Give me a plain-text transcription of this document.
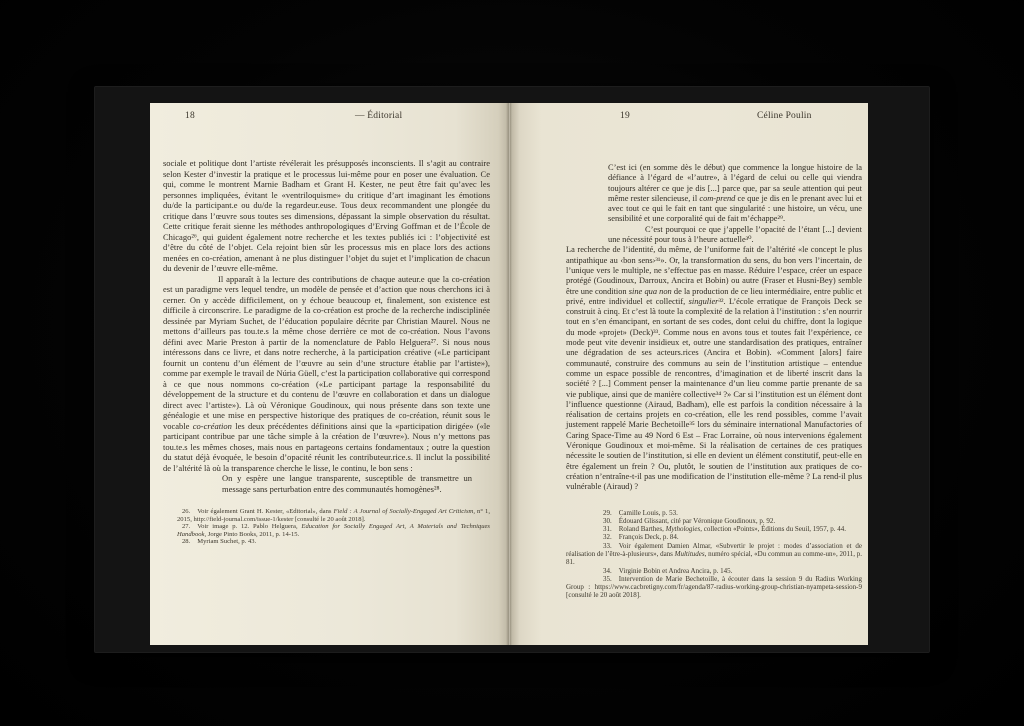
18	— Éditorial

sociale et politique dont l’artiste révélerait les présupposés inconscients. Il s’agit au contraire selon Kester d’investir la pratique et le processus lui-même pour en poser une évaluation. Ce qui, comme le montrent Marnie Badham et Grant H. Kester, ne peut être fait qu’avec les personnes impliquées, évitant le «ventriloquisme» du critique d’art imaginant les émotions du/de la participant.e ou du/de la regardeur.euse. Tous deux recommandent une plongée du critique dans l’œuvre sous toutes ses dimensions, dépassant la simple observation du résultat. Cette critique ferait sienne les méthodes anthropologiques d’Erving Goffman et de l’École de Chicago²⁶, qui guident également notre recherche et les textes publiés ici : l’objectivité est d’être du côté de l’objet. Cela rejoint bien sûr les processus mis en place lors des actions menées en co-création, amenant à ne plus distinguer l’objet du sujet et l’implication de chacun du devenir de l’œuvre elle-même.

Il apparaît à la lecture des contributions de chaque auteur.e que la co-création est un paradigme vers lequel tendre, un modèle de pensée et d’action que nous cherchons ici à cerner. On y accède difficilement, on y échoue beaucoup et, finalement, son existence est difficile à circonscrire. Le paradigme de la co-création est proche de la recherche indisciplinée dessinée par Myriam Suchet, de l’éducation populaire décrite par Christian Maurel. Nous ne mettons d’ailleurs pas tou.te.s la même chose derrière ce mot de co-création. Nous l’avons défini avec Marie Preston à partir de la nomenclature de Pablo Helguera²⁷. Si nous nous intéressons dans ce livre, et dans notre recherche, à la participation créative («Le participant fournit un contenu d’un élément de l’œuvre au sein d’une structure établie par l’artiste»), comme par exemple le travail de Núria Güell, c’est la participation collaborative qui correspond à ce que nous nommons co-création («Le participant partage la responsabilité du développement de la structure et du contenu de l’œuvre en collaboration et dans un dialogue direct avec l’artiste»). Là où Véronique Goudinoux, qui nous présente dans son texte une généalogie et une mise en perspective historique des pratiques de co-création, réunit sous le vocable co-création les deux précédentes définitions ainsi que la «participation dirigée» («le participant contribue par une tâche simple à la création de l’œuvre»). Nous n’y mettons pas tou.te.s les mêmes choses, mais nous en partageons certains fondamentaux ; outre la question du statut déjà évoquée, le besoin d’opacité réunit les contributeur.rice.s. Il inclut la possibilité de l’altérité là où la transparence cherche le lisse, le continu, le bon sens :

On y espère une langue transparente, susceptible de transmettre un message sans perturbation entre des communautés homogènes²⁸.

26. Voir également Grant H. Kester, «Editorial», dans Field : A Journal of Socially-Engaged Art Criticism, n° 1, 2015, http://field-journal.com/issue-1/kester [consulté le 20 août 2018].

27. Voir image p. 12. Pablo Helguera, Education for Socially Engaged Art, A Materials and Techniques Handbook, Jorge Pinto Books, 2011, p. 14-15.

28. Myriam Suchet, p. 43.

19	Céline Poulin
C’est ici (en somme dès le début) que commence la longue histoire de la défiance à l’égard de «l’autre», à l’égard de celui ou celle qui viendra toujours altérer ce que je dis [...] parce que, par sa seule attention qui peut même rester silencieuse, il com-prend ce que je dis en le prenant avec lui et avec tout ce qui le fait en tant que singularité : une histoire, un vécu, une sensibilité et une corporalité qui de fait m’échappe²⁹.
C’est pourquoi ce que j’appelle l’opacité de l’étant [...] devient une nécessité pour tous à l’heure actuelle³⁰.

La recherche de l’identité, du même, de l’uniforme fait de l’altérité «le concept le plus antipathique au ‹bon sens›³¹». Or, la transformation du sens, du bon vers l’incertain, de l’unique vers le multiple, ne s’effectue pas en masse. Réduire l’espace, créer un espace protégé (Goudinoux, Darroux, Ancira et Bobin) ou autre (Fraser et Husni-Bey) semble être une condition sine qua non de la production de ce lieu intermédiaire, entre public et privé, entre individuel et collectif, singulier³². L’école erratique de François Deck se construit à cinq. Et c’est là toute la complexité de la relation à l’institution : s’en nourrir tout en s’en émancipant, en sortant de ses codes, dont celui du chiffre, dont la logique du mode «projet» (Deck)³³. Comme nous en avons tous et toutes fait l’expérience, ce mode peut vite devenir insidieux et, outre une standardisation des pratiques, entraîner une dégradation de ses acteurs.rices (Ancira et Bobin). «Comment [alors] faire communauté, construire des communs au sein de l’institution artistique – entendue comme un espace possible de rencontres, d’imagination et de liberté inscrit dans la société ? [...] Comment penser la maintenance d’un lieu comme partie prenante de sa vie publique, ainsi que de manière collective³⁴ ?» Car si l’institution est un élément dont l’influence questionne (Airaud, Badham), elle est parfois la condition nécessaire à la réalisation de certains projets en co-création, elle les rend possibles, comme l’avait justement rappelé Marie Bechetoille³⁵ lors du séminaire international Manufactories of Caring Space-Time au 49 Nord 6 Est – Frac Lorraine, où nous intervenions également Véronique Goudinoux et moi-même. Si la réalisation de certaines de ces pratiques nécessite le soutien de l’institution, si elle en devient un élément constitutif, peut-elle en être également un frein ? Ou, plutôt, le soutien de l’institution aux pratiques de co-création n’entraîne-t-il pas une modification de l’institution elle-même ? La rend-il plus vulnérable (Airaud) ?

29. Camille Louis, p. 53.

30. Édouard Glissant, cité par Véronique Goudinoux, p. 92.

31. Roland Barthes, Mythologies, collection «Points», Éditions du Seuil, 1957, p. 44.

32. François Deck, p. 84.

33. Voir également Damien Almar, «Subvertir le projet : modes d’association et de réalisation de l’être-à-plusieurs», dans Multitudes, numéro spécial, «Du commun au comme-un», 2011, p. 81.

34. Virginie Bobin et Andrea Ancira, p. 145.

35. Intervention de Marie Bechetoille, à écouter dans la session 9 du Radius Working Group : https://www.cacbretigny.com/fr/agenda/87-radius-working-group-christian-nyampeta-session-9 [consulté le 20 août 2018].
